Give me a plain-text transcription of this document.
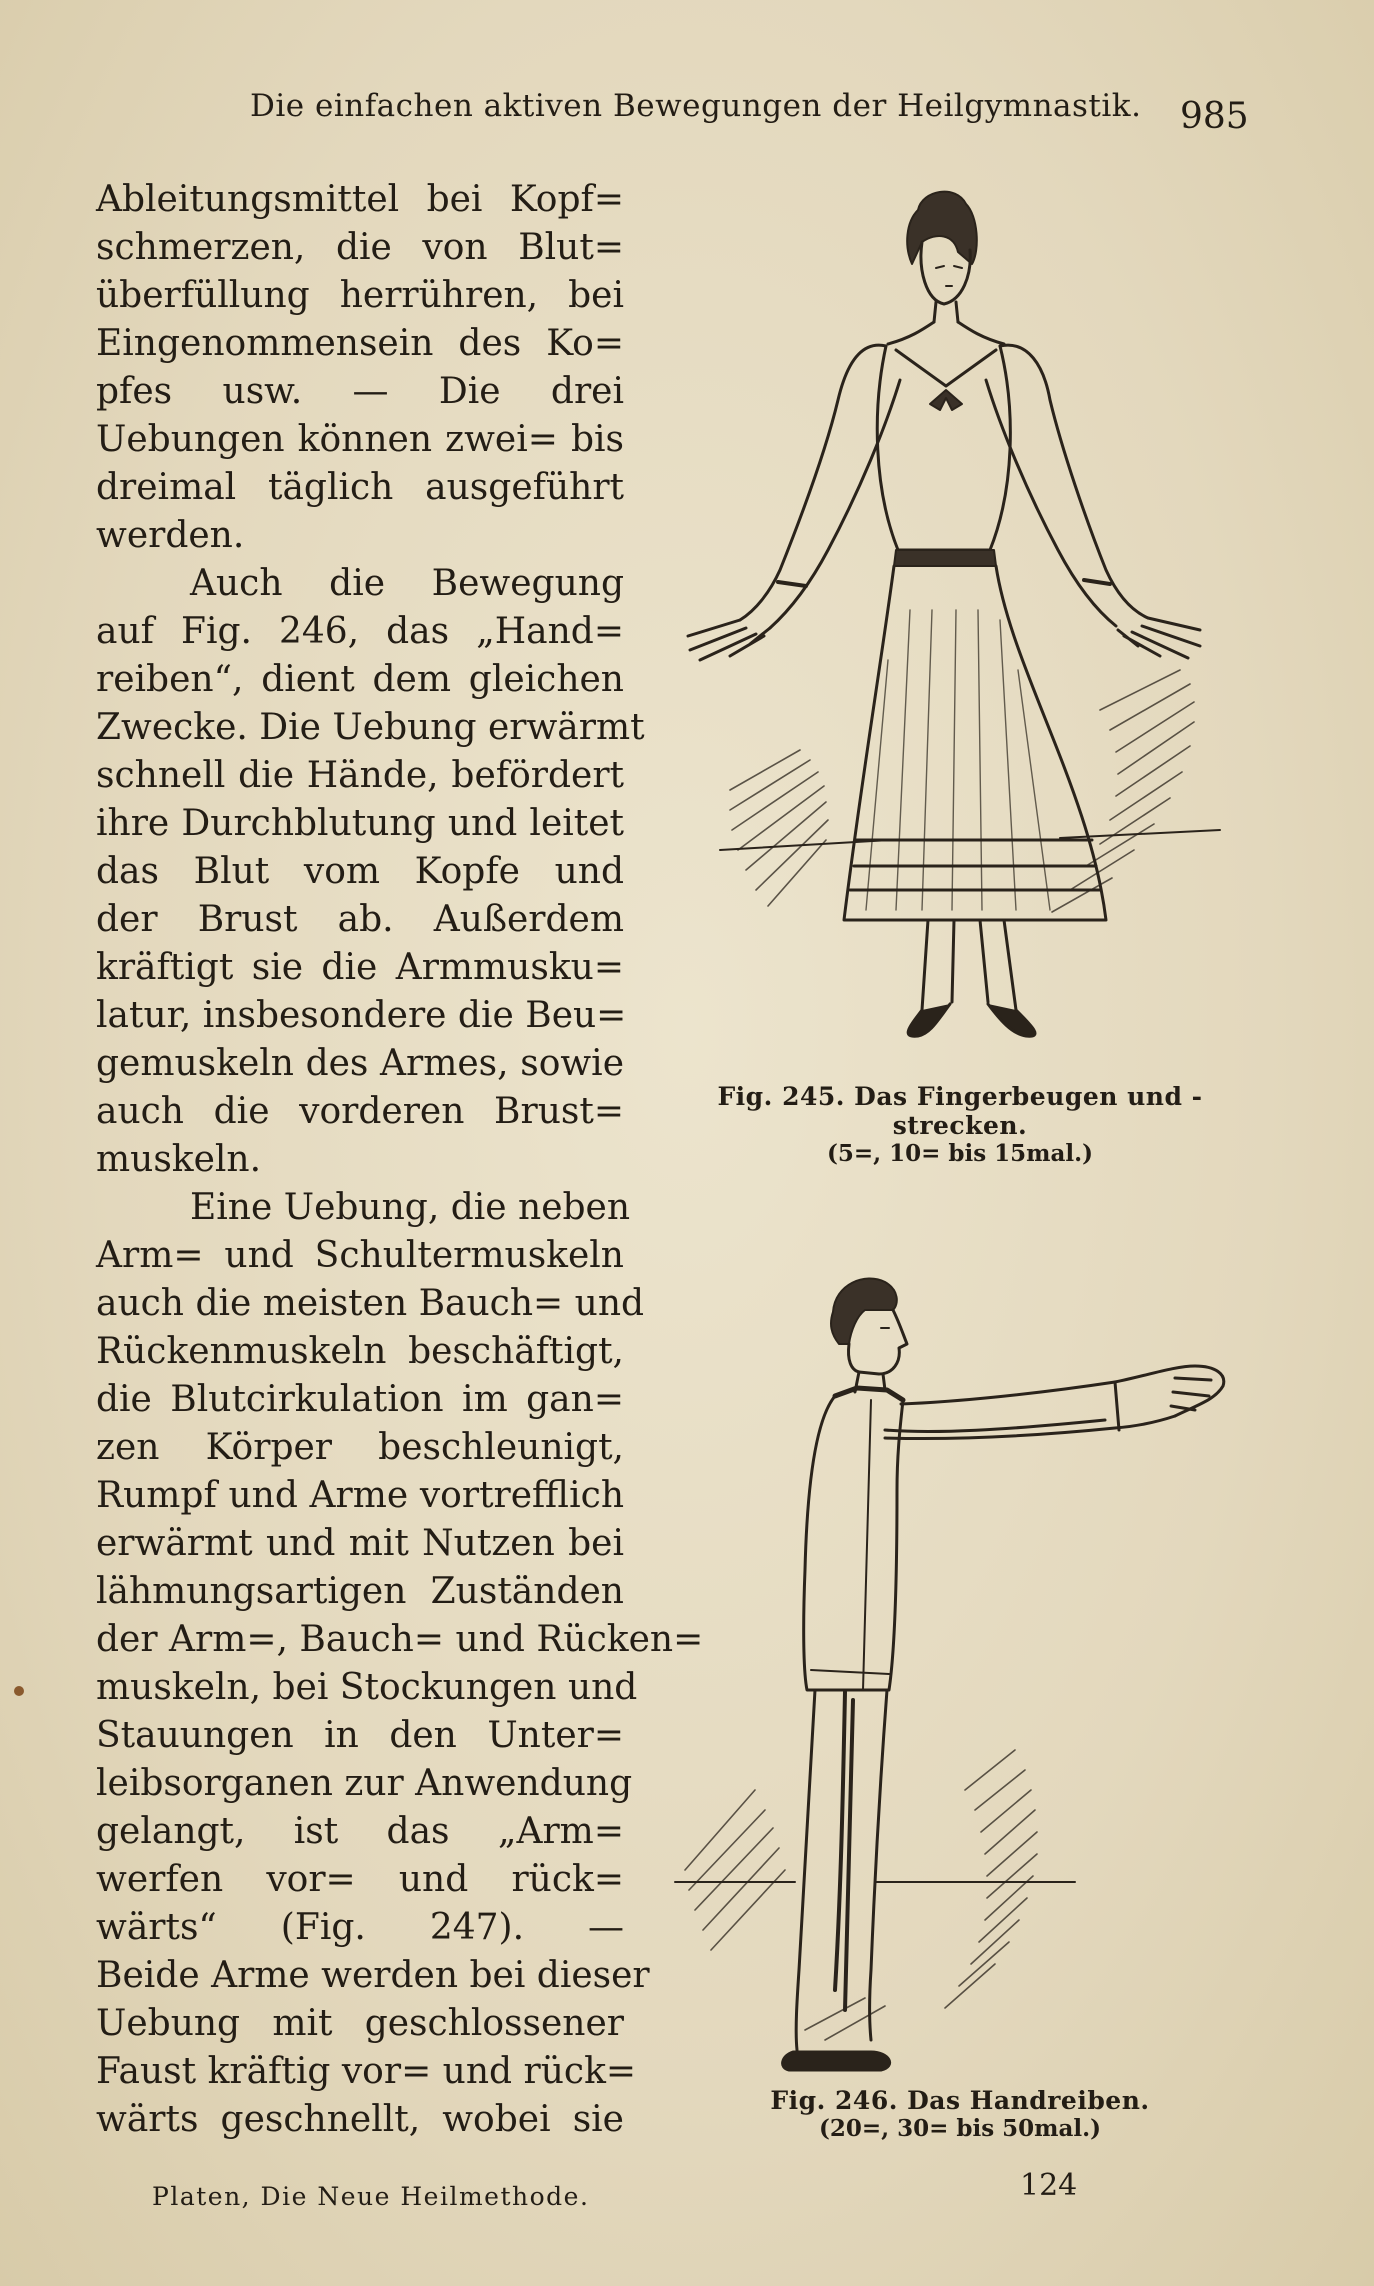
Die einfachen aktiven Bewegungen der Heilgymnastik. 985
Ableitungsmittel bei Kopf=
schmerzen, die von Blut=
überfüllung herrühren, bei
Eingenommensein des Ko=
pfes usw. — Die drei
Uebungen können zwei= bis
dreimal täglich ausgeführt
werden.
Auch die Bewegung
auf Fig. 246, das „Hand=
reiben“, dient dem gleichen
Zwecke. Die Uebung erwärmt
schnell die Hände, befördert
ihre Durchblutung und leitet
das Blut vom Kopfe und
der Brust ab. Außerdem
kräftigt sie die Armmusku=
latur, insbesondere die Beu=
gemuskeln des Armes, sowie
auch die vorderen Brust=
muskeln.
Eine Uebung, die neben
Arm= und Schultermuskeln
auch die meisten Bauch= und
Rückenmuskeln beschäftigt,
die Blutcirkulation im gan=
zen Körper beschleunigt,
Rumpf und Arme vortrefflich
erwärmt und mit Nutzen bei
lähmungsartigen Zuständen
der Arm=, Bauch= und Rücken=
muskeln, bei Stockungen und
Stauungen in den Unter=
leibsorganen zur Anwendung
gelangt, ist das „Arm=
werfen vor= und rück=
wärts“ (Fig. 247). —
Beide Arme werden bei dieser
Uebung mit geschlossener
Faust kräftig vor= und rück=
wärts geschnellt, wobei sie
Fig. 245. Das Fingerbeugen und -strecken.
(5=, 10= bis 15mal.)
Fig. 246. Das Handreiben.
(20=, 30= bis 50mal.)
Platen, Die Neue Heilmethode.	124
